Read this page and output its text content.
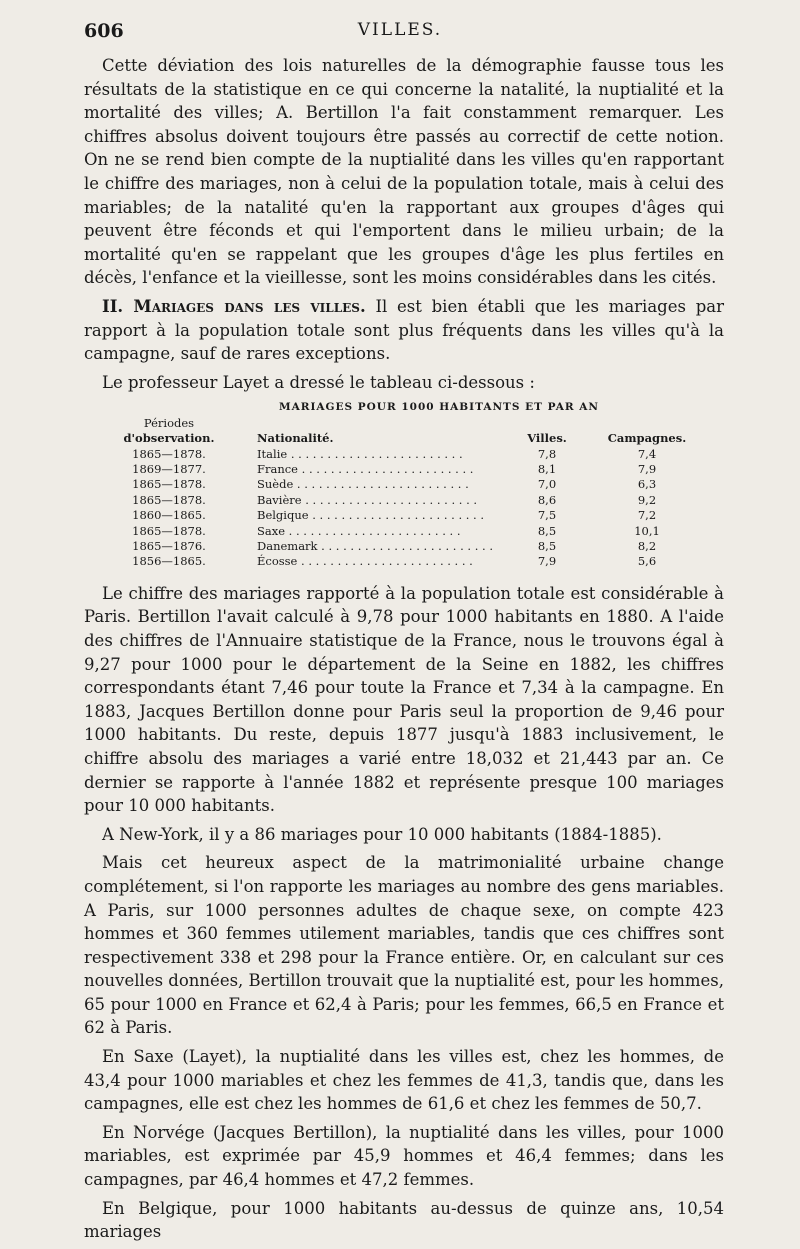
606	VILLES.

Cette déviation des lois naturelles de la démographie fausse tous les résultats de la statistique en ce qui concerne la natalité, la nuptialité et la mortalité des villes; A. Bertillon l'a fait constamment remarquer. Les chiffres absolus doivent toujours être passés au correctif de cette notion. On ne se rend bien compte de la nuptialité dans les villes qu'en rapportant le chiffre des mariages, non à celui de la population totale, mais à celui des mariables; de la natalité qu'en la rapportant aux groupes d'âges qui peuvent être féconds et qui l'emportent dans le milieu urbain; de la mortalité qu'en se rappelant que les groupes d'âge les plus fertiles en décès, l'enfance et la vieillesse, sont les moins considérables dans les cités.

II. Mariages dans les villes. Il est bien établi que les mariages par rapport à la population totale sont plus fréquents dans les villes qu'à la campagne, sauf de rares exceptions.

Le professeur Layet a dressé le tableau ci-dessous :

MARIAGES POUR 1000 HABITANTS ET PAR AN
Périodes
d'observation.	Nationalité.	Villes.	Campagnes.
1865—1878.	Italie . . .	7,8	7,4
1869—1877.	France . . .	8,1	7,9
1865—1878.	Suède . . .	7,0	6,3
1865—1878.	Bavière . . .	8,6	9,2
1860—1865.	Belgique . . .	7,5	7,2
1865—1878.	Saxe . . .	8,5	10,1
1865—1876.	Danemark . . .	8,5	8,2
1856—1865.	Écosse . . .	7,9	5,6

Le chiffre des mariages rapporté à la population totale est considérable à Paris. Bertillon l'avait calculé à 9,78 pour 1000 habitants en 1880. A l'aide des chiffres de l'Annuaire statistique de la France, nous le trouvons égal à 9,27 pour 1000 pour le département de la Seine en 1882, les chiffres correspondants étant 7,46 pour toute la France et 7,34 à la campagne. En 1883, Jacques Bertillon donne pour Paris seul la proportion de 9,46 pour 1000 habitants. Du reste, depuis 1877 jusqu'à 1883 inclusivement, le chiffre absolu des mariages a varié entre 18,032 et 21,443 par an. Ce dernier se rapporte à l'année 1882 et représente presque 100 mariages pour 10 000 habitants.

A New-York, il y a 86 mariages pour 10 000 habitants (1884-1885).

Mais cet heureux aspect de la matrimonialité urbaine change complétement, si l'on rapporte les mariages au nombre des gens mariables. A Paris, sur 1000 personnes adultes de chaque sexe, on compte 423 hommes et 360 femmes utilement mariables, tandis que ces chiffres sont respectivement 338 et 298 pour la France entière. Or, en calculant sur ces nouvelles données, Bertillon trouvait que la nuptialité est, pour les hommes, 65 pour 1000 en France et 62,4 à Paris; pour les femmes, 66,5 en France et 62 à Paris.

En Saxe (Layet), la nuptialité dans les villes est, chez les hommes, de 43,4 pour 1000 mariables et chez les femmes de 41,3, tandis que, dans les campagnes, elle est chez les hommes de 61,6 et chez les femmes de 50,7.

En Norvége (Jacques Bertillon), la nuptialité dans les villes, pour 1000 mariables, est exprimée par 45,9 hommes et 46,4 femmes; dans les campagnes, par 46,4 hommes et 47,2 femmes.

En Belgique, pour 1000 habitants au-dessus de quinze ans, 10,54 mariages
